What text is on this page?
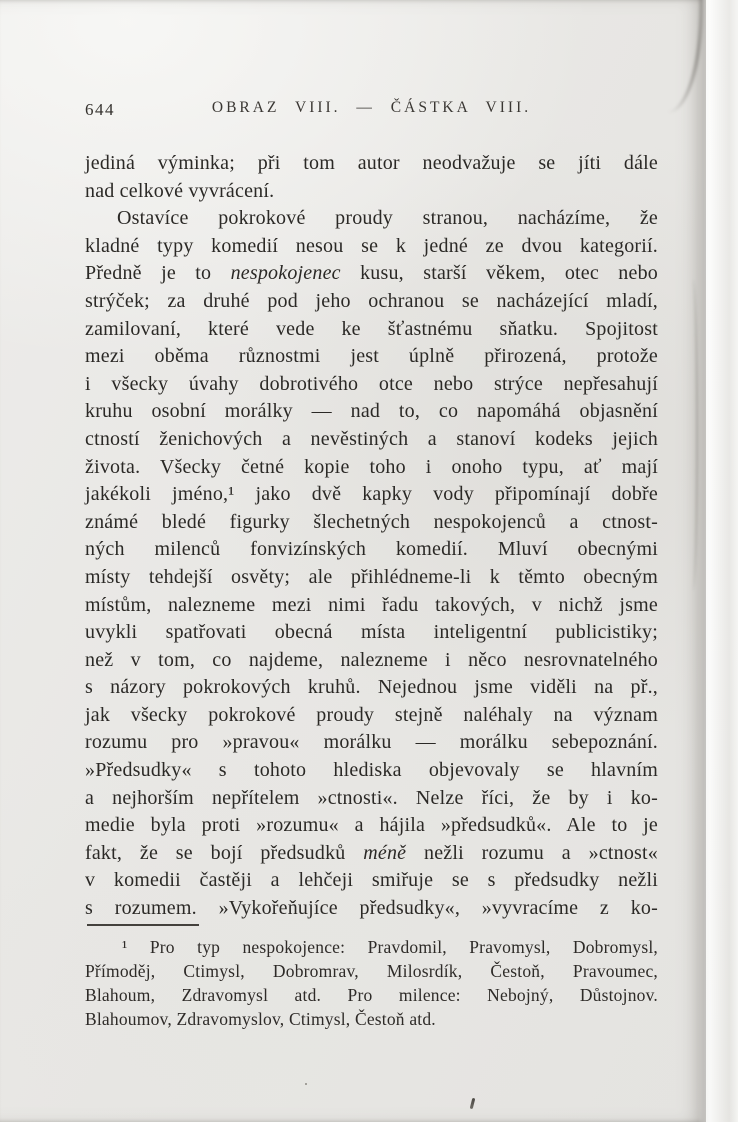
644	OBRAZ VIII. — ČÁSTKA VIII.
jediná výminka; při tom autor neodvažuje se jíti dále
nad celkové vyvrácení.
Ostavíce pokrokové proudy stranou, nacházíme, že
kladné typy komedií nesou se k jedné ze dvou kategorií.
Předně je to nespokojenec kusu, starší věkem, otec nebo
strýček; za druhé pod jeho ochranou se nacházející mladí,
zamilovaní, které vede ke šťastnému sňatku. Spojitost
mezi oběma různostmi jest úplně přirozená, protože
i všecky úvahy dobrotivého otce nebo strýce nepřesahují
kruhu osobní morálky — nad to, co napomáhá objasnění
ctností ženichových a nevěstiných a stanoví kodeks jejich
života. Všecky četné kopie toho i onoho typu, ať mají
jakékoli jméno,¹ jako dvě kapky vody připomínají dobře
známé bledé figurky šlechetných nespokojenců a ctnost-
ných milenců fonvizínských komedií. Mluví obecnými
místy tehdejší osvěty; ale přihlédneme-li k těmto obecným
místům, nalezneme mezi nimi řadu takových, v nichž jsme
uvykli spatřovati obecná místa inteligentní publicistiky;
než v tom, co najdeme, nalezneme i něco nesrovnatelného
s názory pokrokových kruhů. Nejednou jsme viděli na př.,
jak všecky pokrokové proudy stejně naléhaly na význam
rozumu pro »pravou« morálku — morálku sebepoznání.
»Předsudky« s tohoto hlediska objevovaly se hlavním
a nejhorším nepřítelem »ctnosti«. Nelze říci, že by i ko-
medie byla proti »rozumu« a hájila »předsudků«. Ale to je
fakt, že se bojí předsudků méně nežli rozumu a »ctnost«
v komedii častěji a lehčeji smiřuje se s předsudky nežli
s rozumem. »Vykořeňujíce předsudky«, »vyvracíme z ko-
¹ Pro typ nespokojence: Pravdomil, Pravomysl, Dobromysl,
Přímoděj, Ctimysl, Dobromrav, Milosrdík, Čestoň, Pravoumec,
Blahoum, Zdravomysl atd. Pro milence: Nebojný, Důstojnov.
Blahoumov, Zdravomyslov, Ctimysl, Čestoň atd.
